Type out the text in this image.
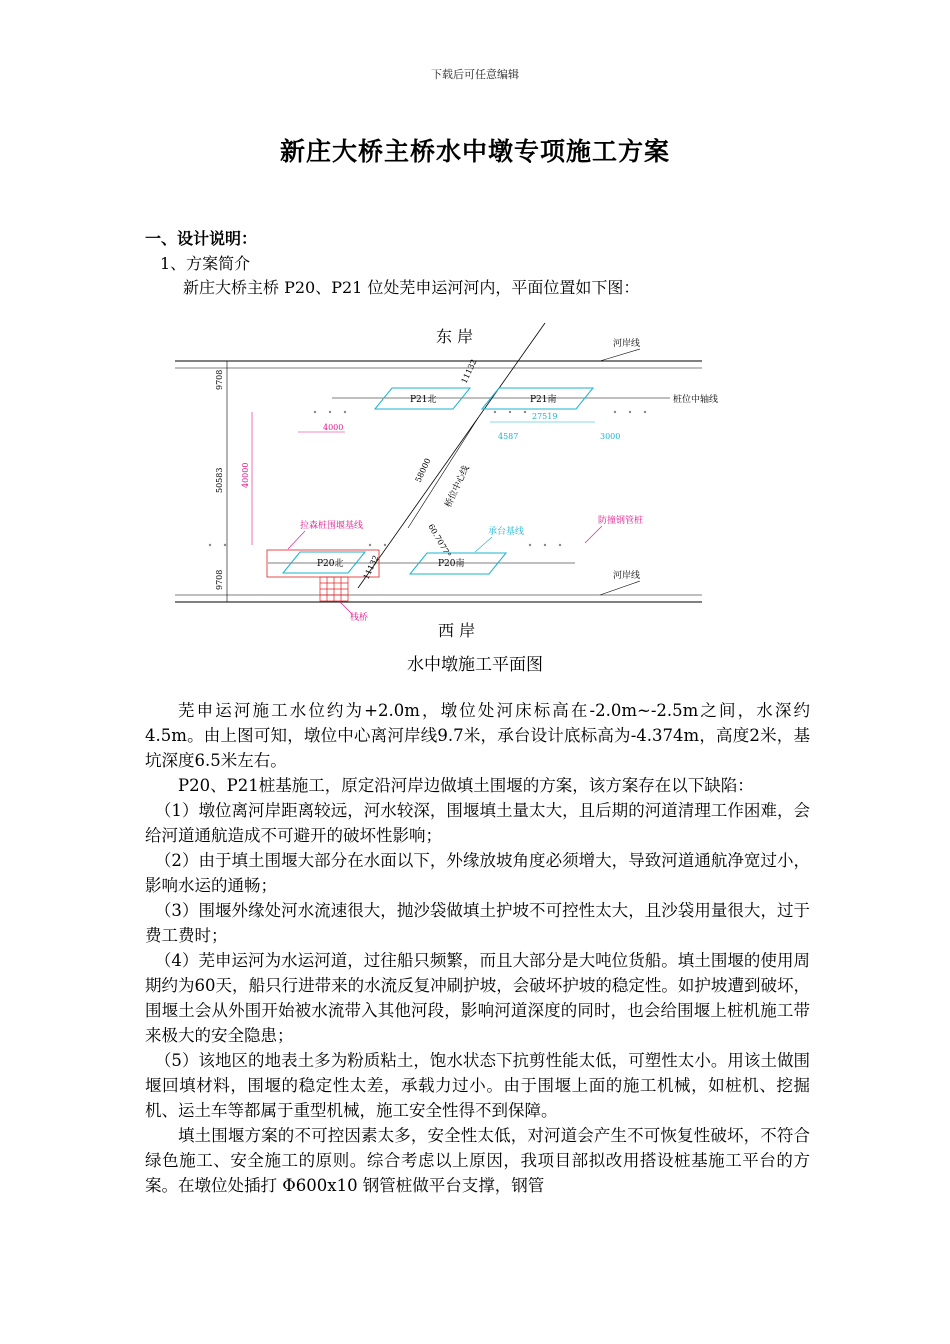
下载后可任意编辑
新庄大桥主桥水中墩专项施工方案
一、设计说明：
1、方案简介
新庄大桥主桥 P20、P21 位处芜申运河河内，平面位置如下图：
P21北	P21南
P20北	P20南
9708
50583 40000
9708
4000
27519
4587	3000
11132
58000 桥位中心线
11132
60.7077°
东 岸
西 岸
河岸线
桩位中轴线
河岸线
拉森桩围堰基线
承台基线
防撞钢管桩
栈桥
水中墩施工平面图

芜申运河施工水位约为+2.0m，墩位处河床标高在-2.0m~-2.5m之间，水深约4.5m。由上图可知，墩位中心离河岸线9.7米，承台设计底标高为-4.374m，高度2米，基坑深度6.5米左右。

P20、P21桩基施工，原定沿河岸边做填土围堰的方案，该方案存在以下缺陷：

（1）墩位离河岸距离较远，河水较深，围堰填土量太大，且后期的河道清理工作困难，会给河道通航造成不可避开的破坏性影响；

（2）由于填土围堰大部分在水面以下，外缘放坡角度必须增大，导致河道通航净宽过小，影响水运的通畅；

（3）围堰外缘处河水流速很大，抛沙袋做填土护坡不可控性太大，且沙袋用量很大，过于费工费时；

（4）芜申运河为水运河道，过往船只频繁，而且大部分是大吨位货船。填土围堰的使用周期约为60天，船只行进带来的水流反复冲刷护坡，会破坏护坡的稳定性。如护坡遭到破坏，围堰土会从外围开始被水流带入其他河段，影响河道深度的同时，也会给围堰上桩机施工带来极大的安全隐患；

（5）该地区的地表土多为粉质粘土，饱水状态下抗剪性能太低，可塑性太小。用该土做围堰回填材料，围堰的稳定性太差，承载力过小。由于围堰上面的施工机械，如桩机、挖掘机、运土车等都属于重型机械，施工安全性得不到保障。

填土围堰方案的不可控因素太多，安全性太低，对河道会产生不可恢复性破坏，不符合绿色施工、安全施工的原则。综合考虑以上原因，我项目部拟改用搭设桩基施工平台的方案。在墩位处插打 Φ600x10 钢管桩做平台支撑，钢管
